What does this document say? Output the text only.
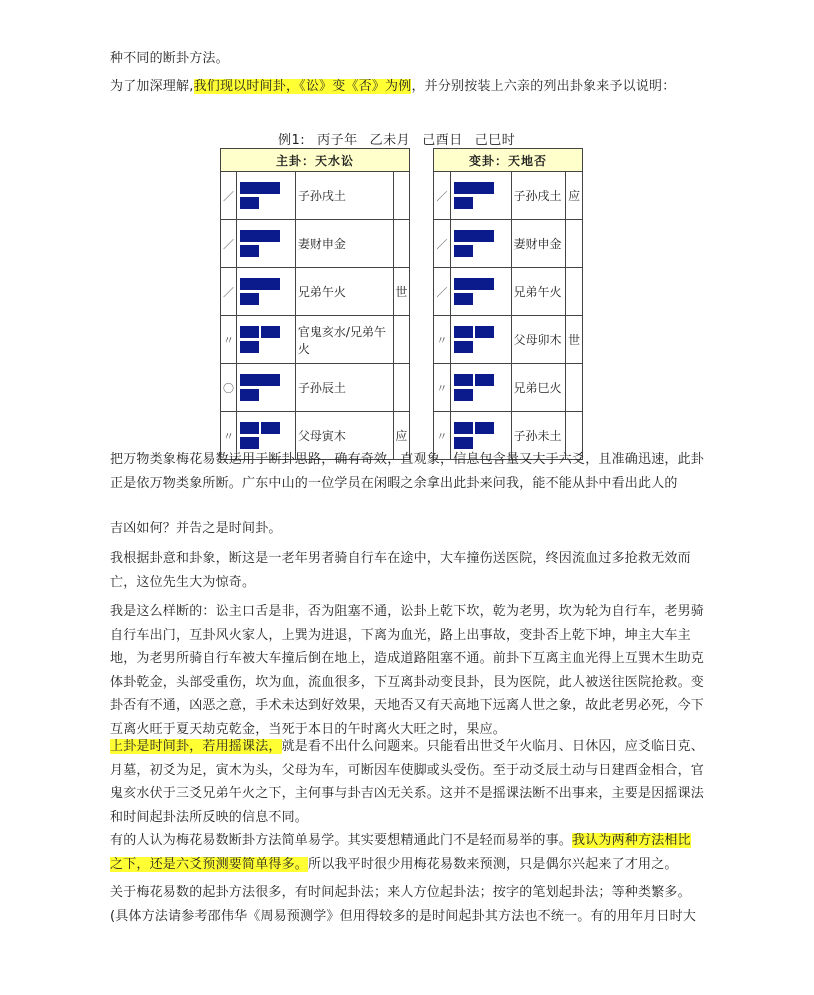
种不同的断卦方法。

为了加深理解,我们现以时间卦，《讼》变《否》为例，并分别按装上六亲的列出卦象来予以说明：

例1: 丙子年 乙未月 己酉日 己巳时
主卦：天水讼			
／		子孙戌土	
／		妻财申金	
／		兄弟午火	世
〃		官鬼亥水/兄弟午火	
〇		子孙辰土	
〃		父母寅木	应
变卦：天地否			
／		子孙戌土	应
／		妻财申金	
／		兄弟午火	
〃		父母卯木	世
〃		兄弟巳火	
〃		子孙未土	

把万物类象梅花易数运用于断卦思路，确有奇效，直观象，信息包含量又大于六爻，且准确迅速，此卦正是依万物类象所断。广东中山的一位学员在闲暇之余拿出此卦来问我，能不能从卦中看出此人的

吉凶如何？并告之是时间卦。

我根据卦意和卦象，断这是一老年男者骑自行车在途中，大车撞伤送医院，终因流血过多抢救无效而亡，这位先生大为惊奇。

我是这么样断的：讼主口舌是非，否为阻塞不通，讼卦上乾下坎，乾为老男，坎为轮为自行车，老男骑自行车出门，互卦风火家人，上巽为进退，下离为血光，路上出事故，变卦否上乾下坤，坤主大车主地，为老男所骑自行车被大车撞后倒在地上，造成道路阻塞不通。前卦下互离主血光得上互巽木生助克体卦乾金，头部受重伤，坎为血，流血很多，下互离卦动变艮卦，艮为医院，此人被送往医院抢救。变卦否有不通，凶恶之意，手术未达到好效果，天地否又有天高地下远离人世之象，故此老男必死，今下互离火旺于夏天劫克乾金，当死于本日的午时离火大旺之时，果应。

上卦是时间卦，若用摇课法，就是看不出什么问题来。只能看出世爻午火临月、日休囚，应爻临日克、月墓，初爻为足，寅木为头，父母为车，可断因车使脚或头受伤。至于动爻辰土动与日建酉金相合，官鬼亥水伏于三爻兄弟午火之下，主何事与卦吉凶无关系。这并不是摇课法断不出事来，主要是因摇课法和时间起卦法所反映的信息不同。

有的人认为梅花易数断卦方法简单易学。其实要想精通此门不是轻而易举的事。我认为两种方法相比之下，还是六爻预测要简单得多。所以我平时很少用梅花易数来预测，只是偶尔兴起来了才用之。

关于梅花易数的起卦方法很多，有时间起卦法；来人方位起卦法；按字的笔划起卦法；等种类繁多。(具体方法请参考邵伟华《周易预测学》但用得较多的是时间起卦其方法也不统一。有的用年月日时大
